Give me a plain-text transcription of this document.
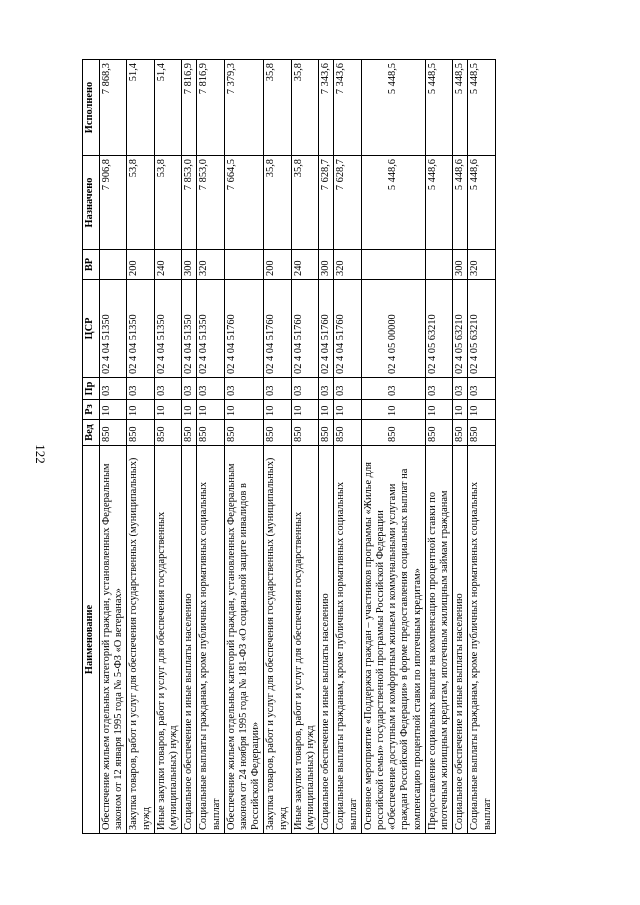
122
Наименование	Вед	Рз	Пр	ЦСР	ВР	Назначено	Исполнено
Обеспечение жильем отдельных категорий граждан, установленных Федеральным законом от 12 января 1995 года № 5-ФЗ «О ветеранах»	850	10	03	02 4 04 51350		7 906,8	7 868,3
Закупка товаров, работ и услуг для обеспечения государственных (муниципальных) нужд	850	10	03	02 4 04 51350	200	53,8	51,4
Иные закупки товаров, работ и услуг для обеспечения государственных (муниципальных) нужд	850	10	03	02 4 04 51350	240	53,8	51,4
Социальное обеспечение и иные выплаты населению	850	10	03	02 4 04 51350	300	7 853,0	7 816,9
Социальные выплаты гражданам, кроме публичных нормативных социальных выплат	850	10	03	02 4 04 51350	320	7 853,0	7 816,9
Обеспечение жильем отдельных категорий граждан, установленных Федеральным законом от 24 ноября 1995 года № 181-ФЗ «О социальной защите инвалидов в Российской Федерации»	850	10	03	02 4 04 51760		7 664,5	7 379,3
Закупка товаров, работ и услуг для обеспечения государственных (муниципальных) нужд	850	10	03	02 4 04 51760	200	35,8	35,8
Иные закупки товаров, работ и услуг для обеспечения государственных (муниципальных) нужд	850	10	03	02 4 04 51760	240	35,8	35,8
Социальное обеспечение и иные выплаты населению	850	10	03	02 4 04 51760	300	7 628,7	7 343,6
Социальные выплаты гражданам, кроме публичных нормативных социальных выплат	850	10	03	02 4 04 51760	320	7 628,7	7 343,6
Основное мероприятие «Поддержка граждан – участников программы «Жилье для российской семьи» государственной программы Российской Федерации «Обеспечение доступным и комфортным жильем и коммунальными услугами граждан Российской Федерации» в форме предоставления социальных выплат на компенсацию процентной ставки по ипотечным кредитам»	850	10	03	02 4 05 00000		5 448,6	5 448,5
Предоставление социальных выплат на компенсацию процентной ставки по ипотечным жилищным кредитам, ипотечным жилищным займам гражданам	850	10	03	02 4 05 63210		5 448,6	5 448,5
Социальное обеспечение и иные выплаты населению	850	10	03	02 4 05 63210	300	5 448,6	5 448,5
Социальные выплаты гражданам, кроме публичных нормативных социальных выплат	850	10	03	02 4 05 63210	320	5 448,6	5 448,5
